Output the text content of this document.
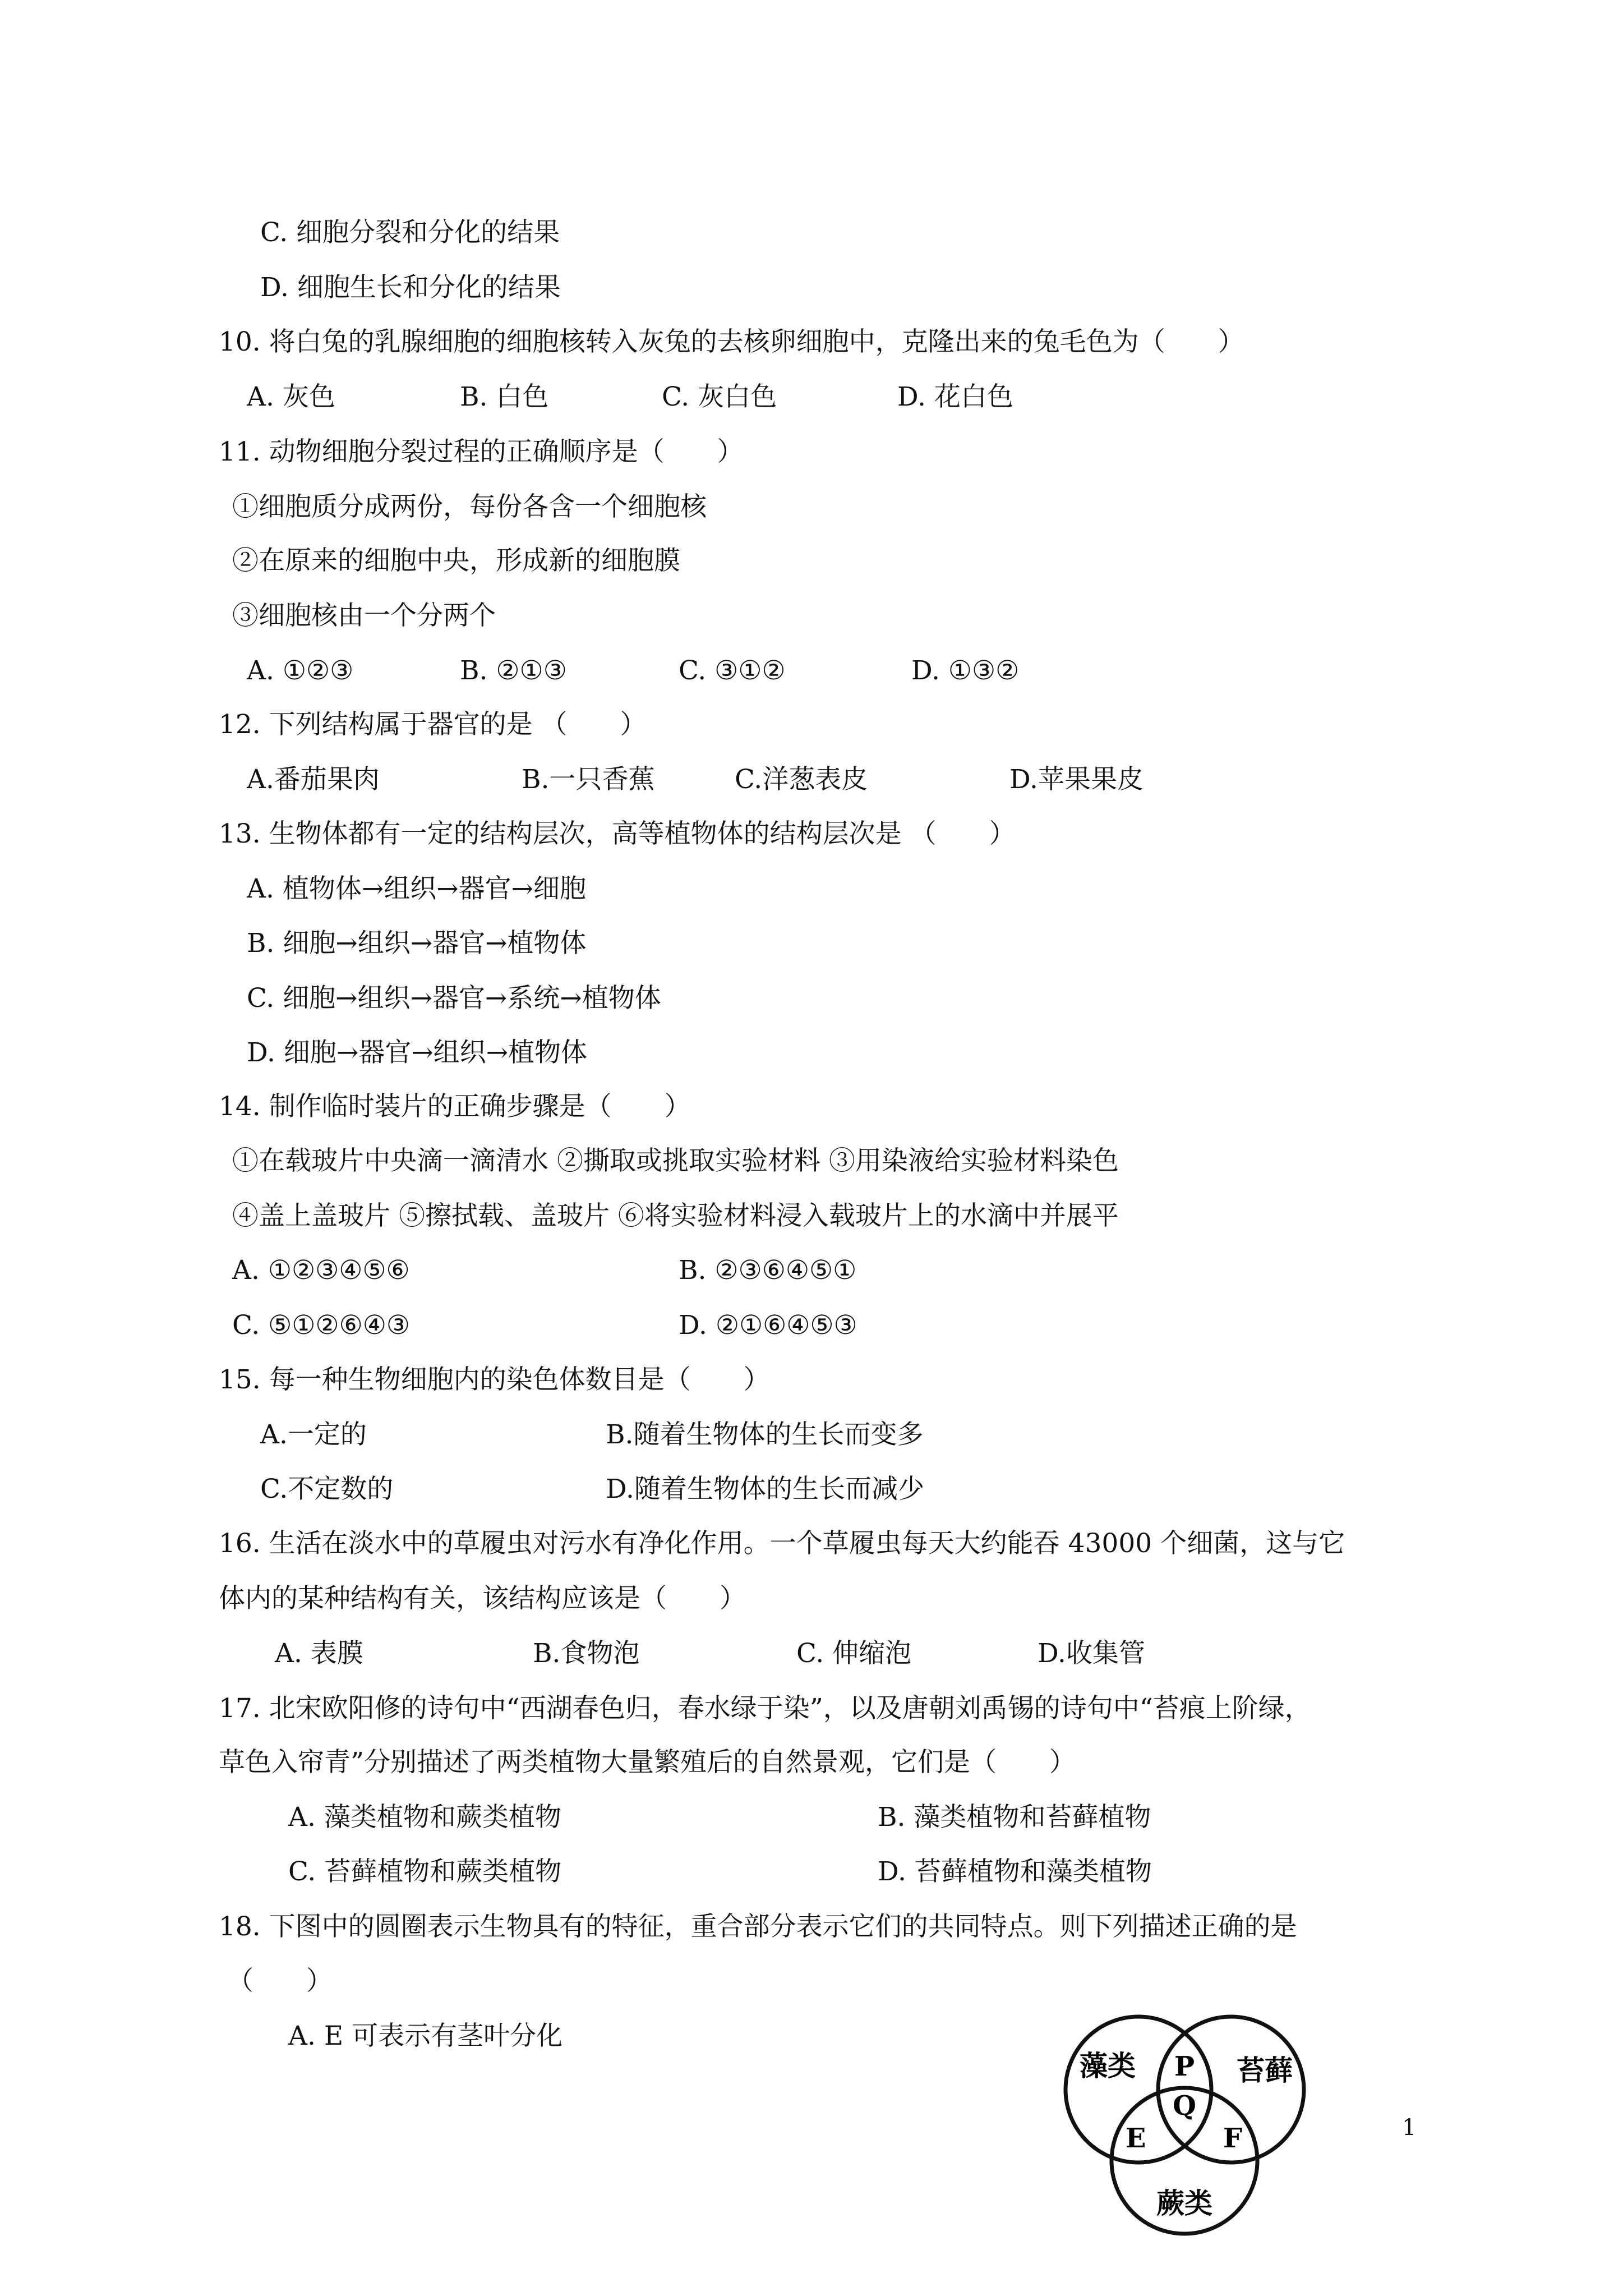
C. 细胞分裂和分化的结果
D. 细胞生长和分化的结果
10. 将白兔的乳腺细胞的细胞核转入灰兔的去核卵细胞中，克隆出来的兔毛色为（　　）
A. 灰色	B. 白色	C. 灰白色	D. 花白色
11. 动物细胞分裂过程的正确顺序是（　　）
①细胞质分成两份，每份各含一个细胞核
②在原来的细胞中央，形成新的细胞膜
③细胞核由一个分两个
A. ①②③	B. ②①③	C. ③①②	D. ①③②
12. 下列结构属于器官的是 （　　）
A.番茄果肉	B.一只香蕉	C.洋葱表皮	D.苹果果皮
13. 生物体都有一定的结构层次，高等植物体的结构层次是 （　　）
A. 植物体→组织→器官→细胞
B. 细胞→组织→器官→植物体
C. 细胞→组织→器官→系统→植物体
D. 细胞→器官→组织→植物体
14. 制作临时装片的正确步骤是（　　）
①在载玻片中央滴一滴清水 ②撕取或挑取实验材料 ③用染液给实验材料染色
④盖上盖玻片 ⑤擦拭载、盖玻片 ⑥将实验材料浸入载玻片上的水滴中并展平
A. ①②③④⑤⑥	B. ②③⑥④⑤①
C. ⑤①②⑥④③	D. ②①⑥④⑤③
15. 每一种生物细胞内的染色体数目是（　　）
A.一定的	B.随着生物体的生长而变多
C.不定数的	D.随着生物体的生长而减少
16. 生活在淡水中的草履虫对污水有净化作用。一个草履虫每天大约能吞 43000 个细菌，这与它
体内的某种结构有关，该结构应该是（　　）
A. 表膜	B.食物泡	C. 伸缩泡	D.收集管
17. 北宋欧阳修的诗句中“西湖春色归，春水绿于染”，以及唐朝刘禹锡的诗句中“苔痕上阶绿，
草色入帘青”分别描述了两类植物大量繁殖后的自然景观，它们是（　　）
A. 藻类植物和蕨类植物	B. 藻类植物和苔藓植物
C. 苔藓植物和蕨类植物	D. 苔藓植物和藻类植物
18. 下图中的圆圈表示生物具有的特征，重合部分表示它们的共同特点。则下列描述正确的是
（　　）
A. E 可表示有茎叶分化
藻类	苔藓
蕨类
P
Q
E	F	1
